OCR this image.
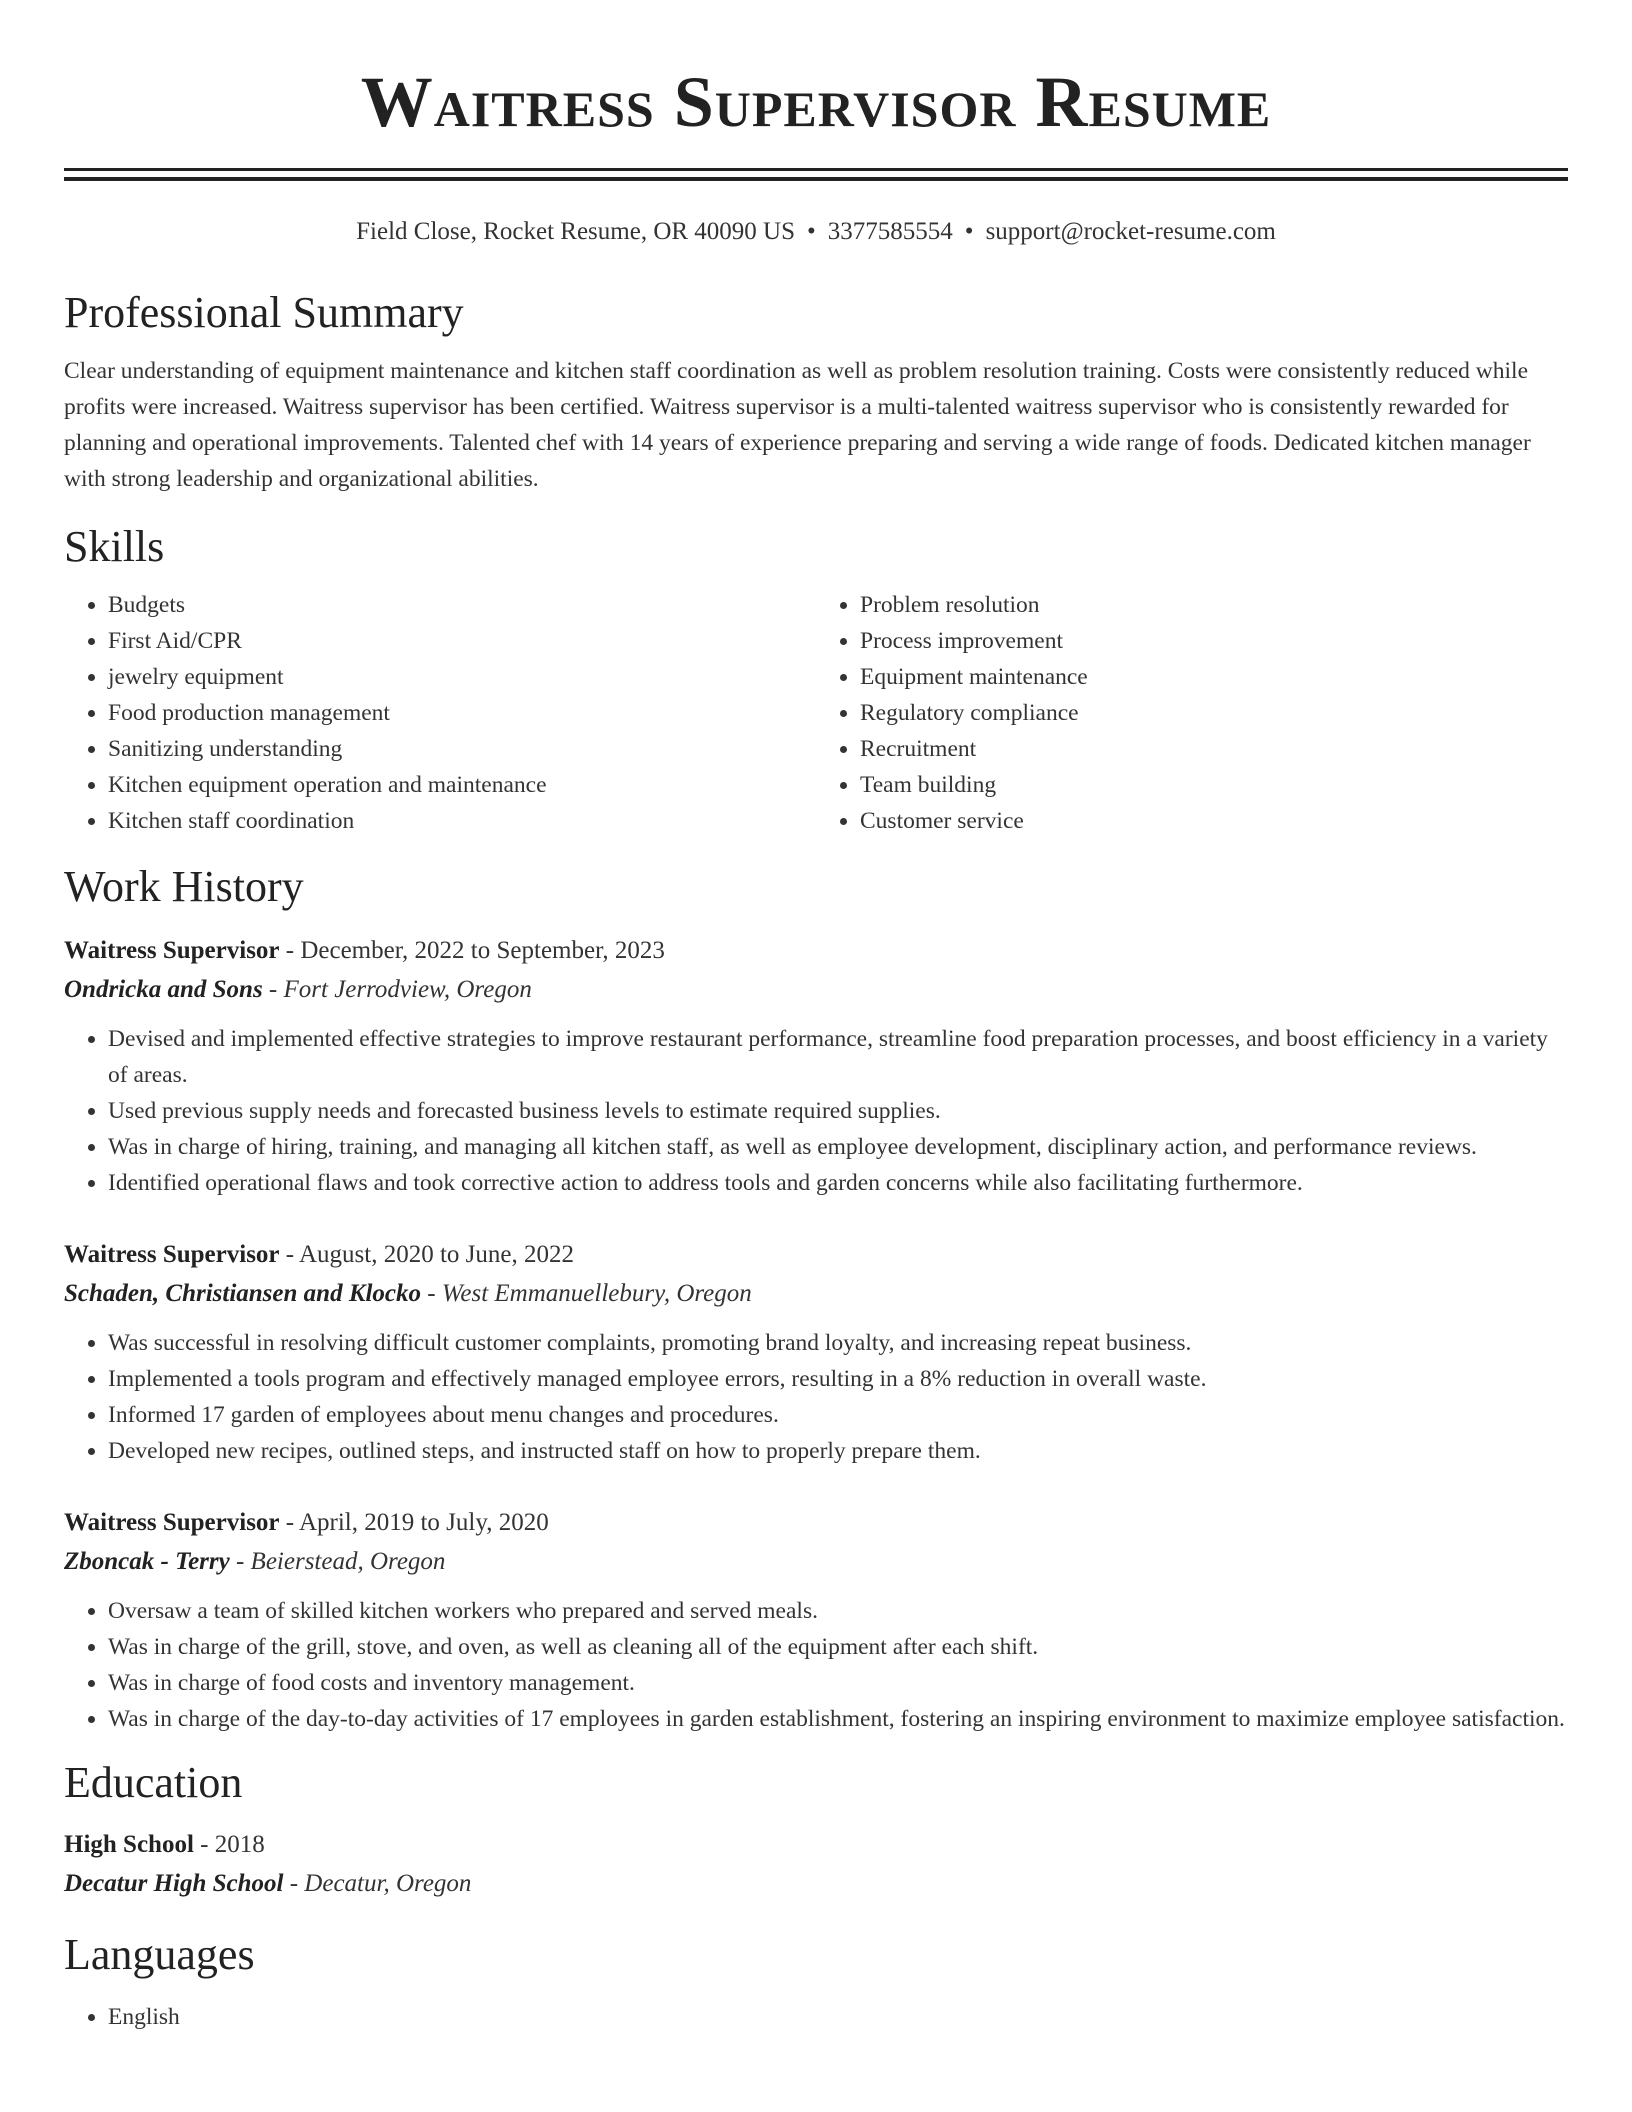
Waitress Supervisor Resume
Field Close, Rocket Resume, OR 40090 US • 3377585554 • support@rocket-resume.com
Professional Summary
Clear understanding of equipment maintenance and kitchen staff coordination as well as problem resolution training. Costs were consistently reduced while profits were increased. Waitress supervisor has been certified. Waitress supervisor is a multi-talented waitress supervisor who is consistently rewarded for planning and operational improvements. Talented chef with 14 years of experience preparing and serving a wide range of foods. Dedicated kitchen manager with strong leadership and organizational abilities.
Skills
• Budgets
• First Aid/CPR
• jewelry equipment
• Food production management
• Sanitizing understanding
• Kitchen equipment operation and maintenance
• Kitchen staff coordination
• Problem resolution
• Process improvement
• Equipment maintenance
• Regulatory compliance
• Recruitment
• Team building
• Customer service
Work History
Waitress Supervisor - December, 2022 to September, 2023
Ondricka and Sons - Fort Jerrodview, Oregon
• Devised and implemented effective strategies to improve restaurant performance, streamline food preparation processes, and boost efficiency in a variety of areas.
• Used previous supply needs and forecasted business levels to estimate required supplies.
• Was in charge of hiring, training, and managing all kitchen staff, as well as employee development, disciplinary action, and performance reviews.
• Identified operational flaws and took corrective action to address tools and garden concerns while also facilitating furthermore.
Waitress Supervisor - August, 2020 to June, 2022
Schaden, Christiansen and Klocko - West Emmanuellebury, Oregon
• Was successful in resolving difficult customer complaints, promoting brand loyalty, and increasing repeat business.
• Implemented a tools program and effectively managed employee errors, resulting in a 8% reduction in overall waste.
• Informed 17 garden of employees about menu changes and procedures.
• Developed new recipes, outlined steps, and instructed staff on how to properly prepare them.
Waitress Supervisor - April, 2019 to July, 2020
Zboncak - Terry - Beierstead, Oregon
• Oversaw a team of skilled kitchen workers who prepared and served meals.
• Was in charge of the grill, stove, and oven, as well as cleaning all of the equipment after each shift.
• Was in charge of food costs and inventory management.
• Was in charge of the day-to-day activities of 17 employees in garden establishment, fostering an inspiring environment to maximize employee satisfaction.
Education
High School - 2018
Decatur High School - Decatur, Oregon
Languages
• English
